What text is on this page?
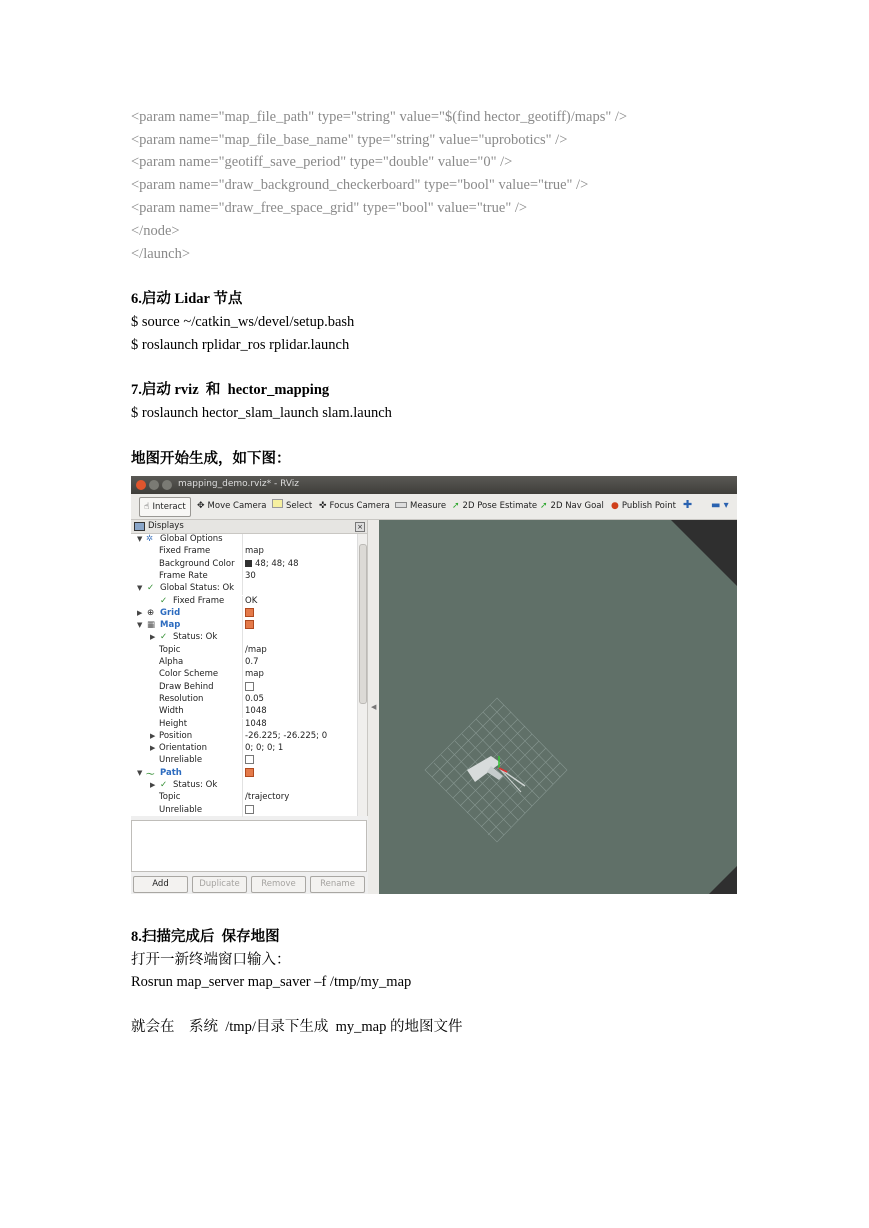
<param name="map_file_path" type="string" value="$(find hector_geotiff)/maps" />
<param name="map_file_base_name" type="string" value="uprobotics" />
<param name="geotiff_save_period" type="double" value="0" />
<param name="draw_background_checkerboard" type="bool" value="true" />
<param name="draw_free_space_grid" type="bool" value="true" />
</node>
</launch>
6.启动 Lidar 节点
$ source ~/catkin_ws/devel/setup.bash
$ roslaunch rplidar_ros rplidar.launch
7.启动 rviz  和  hector_mapping
$ roslaunch hector_slam_launch slam.launch
地图开始生成，如下图：
mapping_demo.rviz* - RViz
☝ Interact	✥ Move Camera	Select ✜ Focus Camera	Measure ➚ 2D Pose Estimate ➚ 2D Nav Goal ● Publish Point ✚ ▬ ▾
Displays	×
▼ ✲ Global Options
Fixed Frame	map
Background Color	48; 48; 48
Frame Rate	30
▼ ✓ Global Status: Ok
✓ Fixed Frame OK
▶ ⊕ Grid
▼ ▦ Map
▶ ✓ Status: Ok
Topic	/map
Alpha	0.7
Color Scheme	map
Draw Behind
Resolution	0.05
Width	1048
Height	1048
▶ Position	-26.225; -26.225; 0
▶ Orientation	0; 0; 0; 1
Unreliable
▼ 〜 Path
▶ ✓ Status: Ok
Topic	/trajectory
Unreliable
Add	Duplicate	Remove	Rename
◀
8.扫描完成后  保存地图
打开一新终端窗口输入：
Rosrun map_server map_saver –f /tmp/my_map
就会在    系统  /tmp/目录下生成  my_map 的地图文件
